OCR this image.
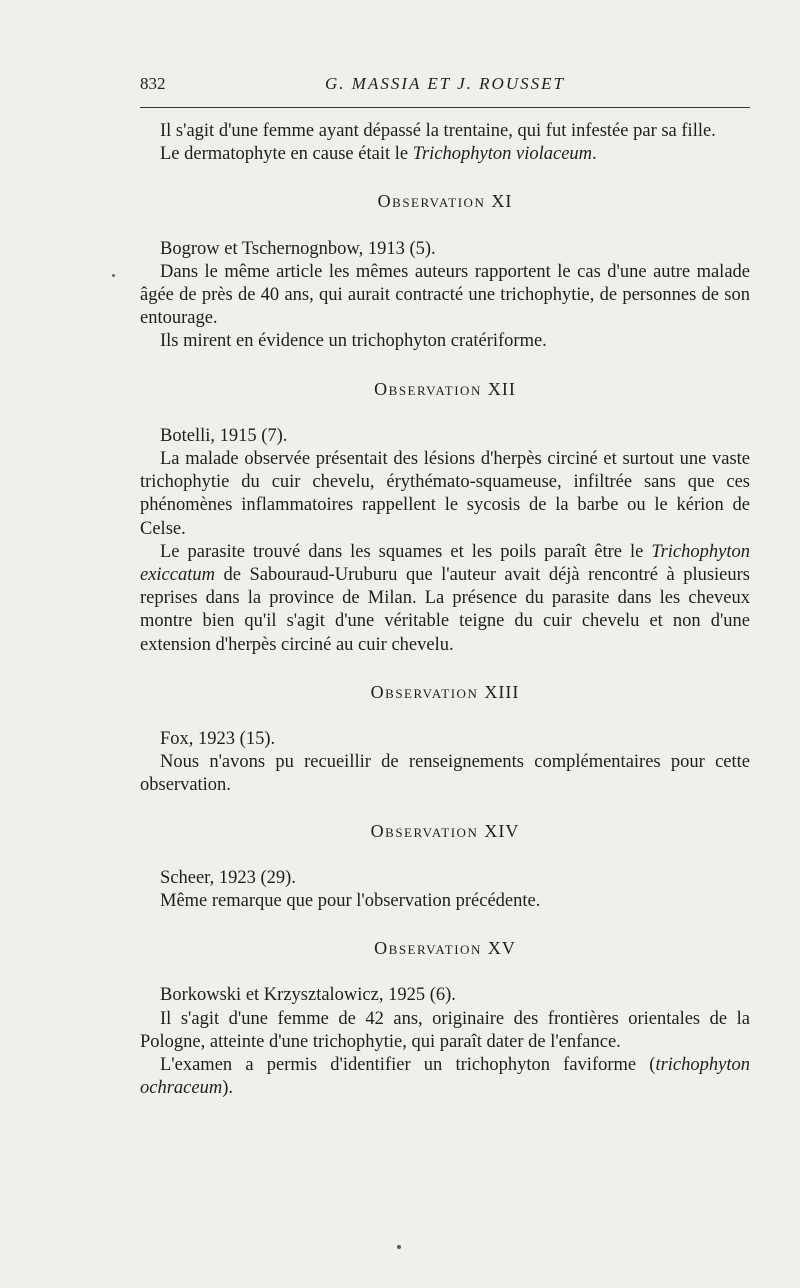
832	G. MASSIA ET J. ROUSSET

Il s'agit d'une femme ayant dépassé la trentaine, qui fut infestée par sa fille.

Le dermatophyte en cause était le Trichophyton violaceum.

Observation XI

Bogrow et Tschernognbow, 1913 (5).

Dans le même article les mêmes auteurs rapportent le cas d'une autre malade âgée de près de 40 ans, qui aurait contracté une trichophytie, de personnes de son entourage.

Ils mirent en évidence un trichophyton cratériforme.

Observation XII

Botelli, 1915 (7).

La malade observée présentait des lésions d'herpès circiné et surtout une vaste trichophytie du cuir chevelu, érythémato-squameuse, infiltrée sans que ces phénomènes inflammatoires rappellent le sycosis de la barbe ou le kérion de Celse.

Le parasite trouvé dans les squames et les poils paraît être le Trichophyton exiccatum de Sabouraud-Uruburu que l'auteur avait déjà rencontré à plusieurs reprises dans la province de Milan. La présence du parasite dans les cheveux montre bien qu'il s'agit d'une véritable teigne du cuir chevelu et non d'une extension d'herpès circiné au cuir chevelu.

Observation XIII

Fox, 1923 (15).

Nous n'avons pu recueillir de renseignements complémentaires pour cette observation.

Observation XIV

Scheer, 1923 (29).

Même remarque que pour l'observation précédente.

Observation XV

Borkowski et Krzysztalowicz, 1925 (6).

Il s'agit d'une femme de 42 ans, originaire des frontières orientales de la Pologne, atteinte d'une trichophytie, qui paraît dater de l'enfance.

L'examen a permis d'identifier un trichophyton faviforme (trichophyton ochraceum).
